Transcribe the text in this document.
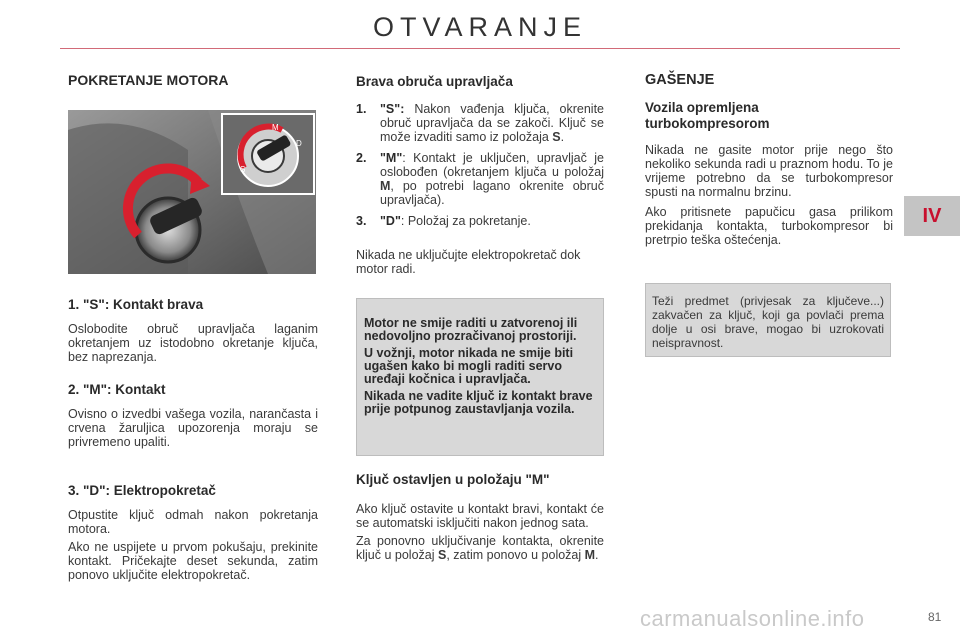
OTVARANJE
IV
POKRETANJE MOTORA
M
D
S
1. "S": Kontakt brava

Oslobodite obruč upravljača laganim okretanjem uz istodobno okretanje ključa, bez naprezanja.

2. "M": Kontakt

Ovisno o izvedbi vašega vozila, narančasta i crvena žaruljica upozorenja moraju se privremeno upaliti.

3. "D": Elektropokretač

Otpustite ključ odmah nakon pokretanja motora.

Ako ne uspijete u prvom pokušaju, prekinite kontakt. Pričekajte deset sekunda, zatim ponovo uključite elektropokretač.

Brava obruča upravljača
1.	"S": Nakon vađenja ključa, okrenite obruč upravljača da se zakoči. Ključ se može izvaditi samo iz položaja S.
2.	"M": Kontakt je uključen, upravljač je oslobođen (okretanjem ključa u položaj M, po potrebi lagano okrenite obruč upravljača).
3.	"D": Položaj za pokretanje.

Nikada ne uključujte elektropokretač dok motor radi.

Motor ne smije raditi u zatvorenoj ili nedovoljno prozračivanoj prostoriji.

U vožnji, motor nikada ne smije biti ugašen kako bi mogli raditi servo uređaji kočnica i upravljača.

Nikada ne vadite ključ iz kontakt brave prije potpunog zaustavljanja vozila.

Ključ ostavljen u položaju "M"

Ako ključ ostavite u kontakt bravi, kontakt će se automatski isključiti nakon jednog sata.

Za ponovno uključivanje kontakta, okrenite ključ u položaj S, zatim ponovo u položaj M.

GAŠENJE
Vozila opremljena turbokompresorom

Nikada ne gasite motor prije nego što nekoliko sekunda radi u praznom hodu. To je vrijeme potrebno da se turbokompresor spusti na normalnu brzinu.

Ako pritisnete papučicu gasa prilikom prekidanja kontakta, turbokompresor bi pretrpio teška oštećenja.

Teži predmet (privjesak za ključeve...) zakvačen za ključ, koji ga povlači prema dolje u osi brave, mogao bi uzrokovati neispravnost.

carmanualsonline.info	81
